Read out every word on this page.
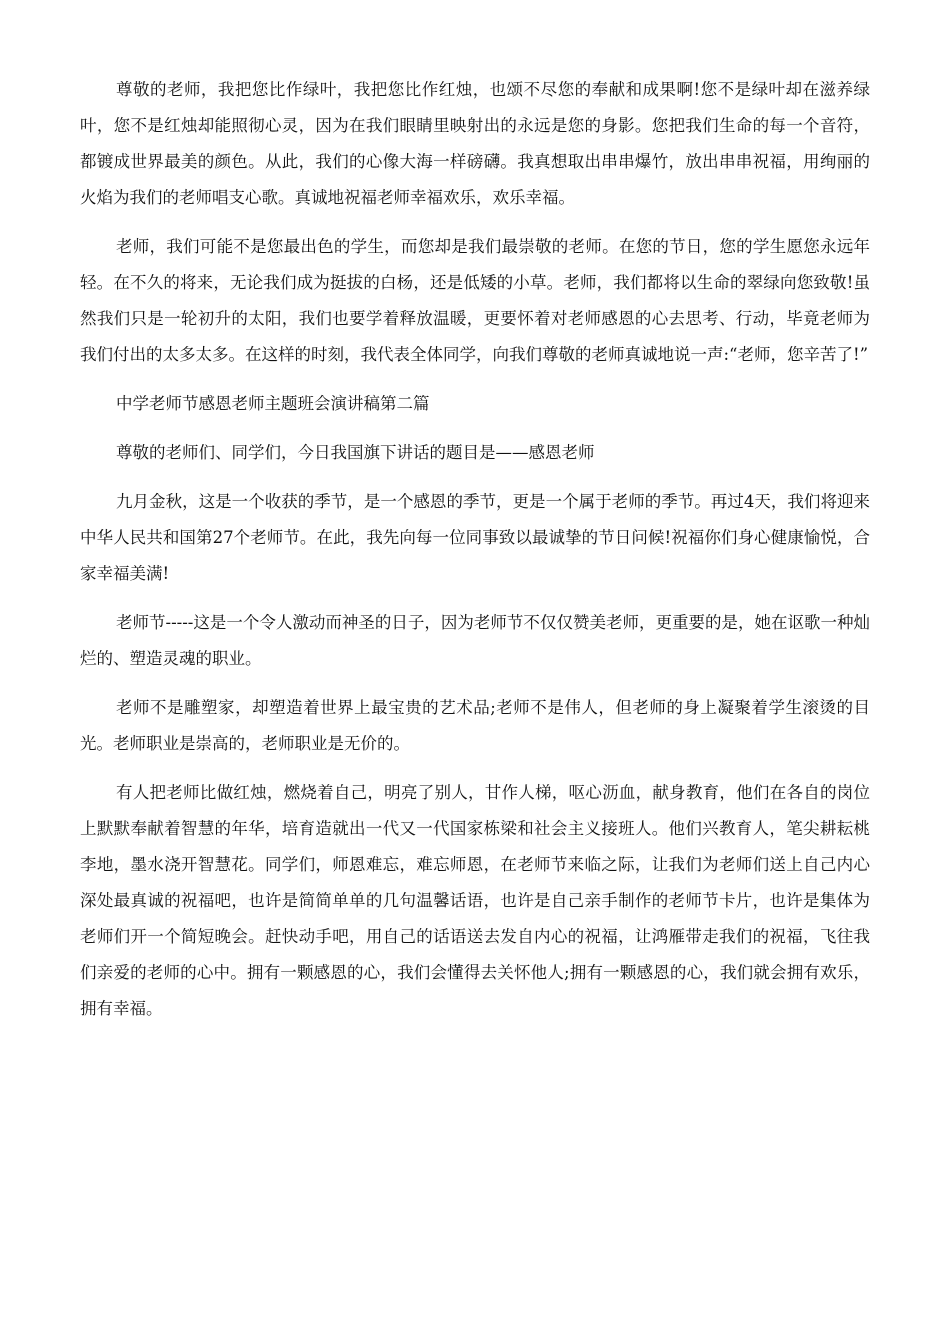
尊敬的老师，我把您比作绿叶，我把您比作红烛，也颂不尽您的奉献和成果啊!您不是绿叶却在滋养绿叶，您不是红烛却能照彻心灵，因为在我们眼睛里映射出的永远是您的身影。您把我们生命的每一个音符，都镀成世界最美的颜色。从此，我们的心像大海一样磅礴。我真想取出串串爆竹，放出串串祝福，用绚丽的火焰为我们的老师唱支心歌。真诚地祝福老师幸福欢乐，欢乐幸福。

老师，我们可能不是您最出色的学生，而您却是我们最崇敬的老师。在您的节日，您的学生愿您永远年轻。在不久的将来，无论我们成为挺拔的白杨，还是低矮的小草。老师，我们都将以生命的翠绿向您致敬!虽然我们只是一轮初升的太阳，我们也要学着释放温暖，更要怀着对老师感恩的心去思考、行动，毕竟老师为我们付出的太多太多。在这样的时刻，我代表全体同学，向我们尊敬的老师真诚地说一声:“老师，您辛苦了!”

中学老师节感恩老师主题班会演讲稿第二篇

尊敬的老师们、同学们，今日我国旗下讲话的题目是——感恩老师

九月金秋，这是一个收获的季节，是一个感恩的季节，更是一个属于老师的季节。再过4天，我们将迎来中华人民共和国第27个老师节。在此，我先向每一位同事致以最诚挚的节日问候!祝福你们身心健康愉悦，合家幸福美满!

老师节-----这是一个令人激动而神圣的日子，因为老师节不仅仅赞美老师，更重要的是，她在讴歌一种灿烂的、塑造灵魂的职业。

老师不是雕塑家，却塑造着世界上最宝贵的艺术品;老师不是伟人，但老师的身上凝聚着学生滚烫的目光。老师职业是崇高的，老师职业是无价的。

有人把老师比做红烛，燃烧着自己，明亮了别人，甘作人梯，呕心沥血，献身教育，他们在各自的岗位上默默奉献着智慧的年华，培育造就出一代又一代国家栋梁和社会主义接班人。他们兴教育人，笔尖耕耘桃李地，墨水浇开智慧花。同学们，师恩难忘，难忘师恩，在老师节来临之际，让我们为老师们送上自己内心深处最真诚的祝福吧，也许是简简单单的几句温馨话语，也许是自己亲手制作的老师节卡片，也许是集体为老师们开一个简短晚会。赶快动手吧，用自己的话语送去发自内心的祝福，让鸿雁带走我们的祝福，飞往我们亲爱的老师的心中。拥有一颗感恩的心，我们会懂得去关怀他人;拥有一颗感恩的心，我们就会拥有欢乐，拥有幸福。
